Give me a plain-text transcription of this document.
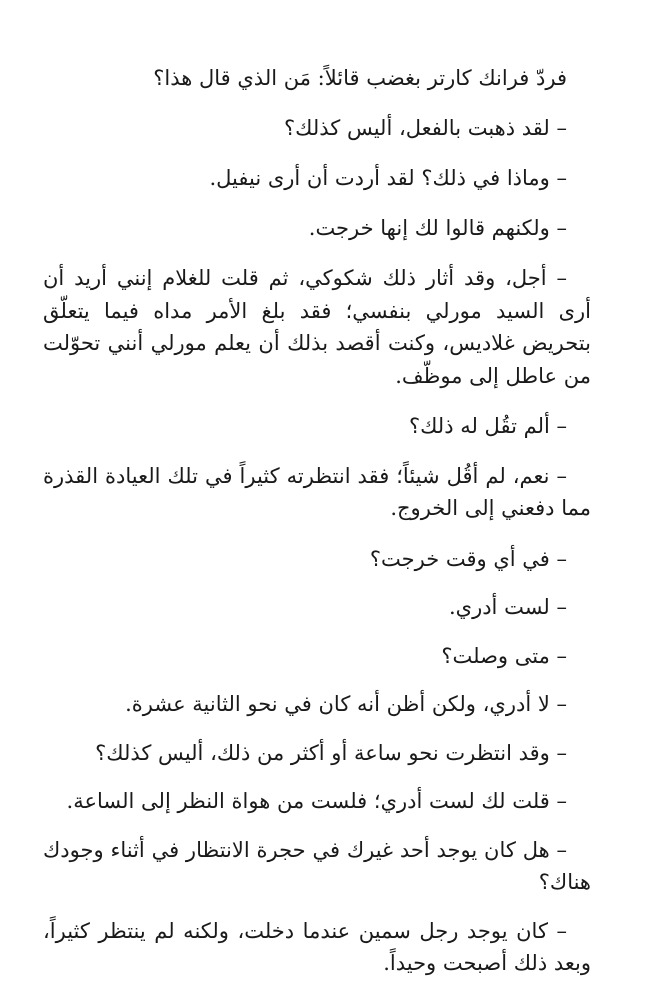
فردّ فرانك كارتر بغضب قائلاً: مَن الذي قال هذا؟

– لقد ذهبت بالفعل، أليس كذلك؟

– وماذا في ذلك؟ لقد أردت أن أرى نيفيل.

– ولكنهم قالوا لك إنها خرجت.

– أجل، وقد أثار ذلك شكوكي، ثم قلت للغلام إنني أريد أن أرى السيد مورلي بنفسي؛ فقد بلغ الأمر مداه فيما يتعلّق بتحريض غلاديس، وكنت أقصد بذلك أن يعلم مورلي أنني تحوّلت من عاطل إلى موظّف.

– ألم تقُل له ذلك؟

– نعم، لم أقُل شيئاً؛ فقد انتظرته كثيراً في تلك العيادة القذرة مما دفعني إلى الخروج.

– في أي وقت خرجت؟

– لست أدري.

– متى وصلت؟

– لا أدري، ولكن أظن أنه كان في نحو الثانية عشرة.

– وقد انتظرت نحو ساعة أو أكثر من ذلك، أليس كذلك؟

– قلت لك لست أدري؛ فلست من هواة النظر إلى الساعة.

– هل كان يوجد أحد غيرك في حجرة الانتظار في أثناء وجودك هناك؟

– كان يوجد رجل سمين عندما دخلت، ولكنه لم ينتظر كثيراً، وبعد ذلك أصبحت وحيداً.
